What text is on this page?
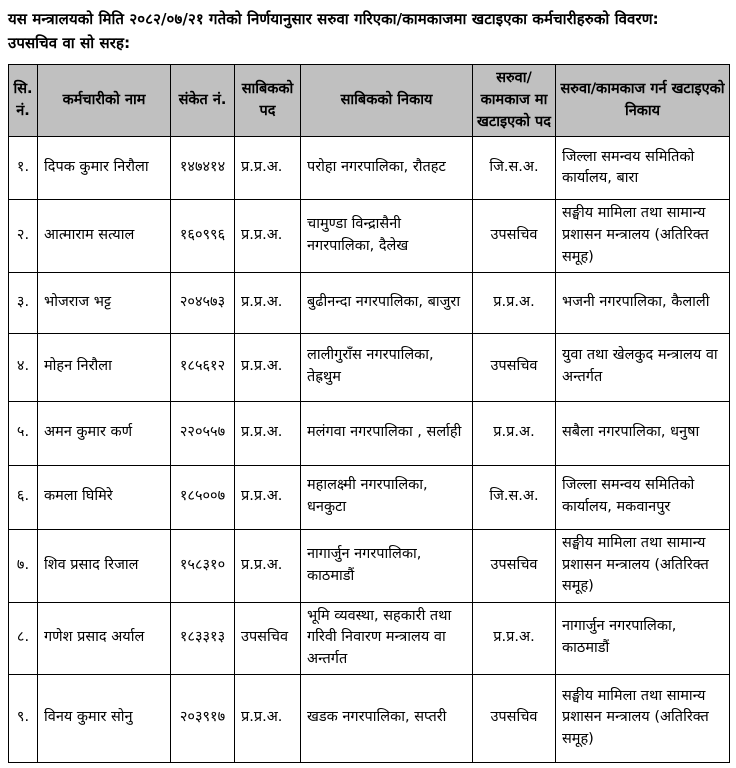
यस मन्त्रालयको मिति २०८२/०७/२१ गतेको निर्णयानुसार सरुवा गरिएका/कामकाजमा खटाइएका कर्मचारीहरुको विवरण:
उपसचिव वा सो सरह:
सि. नं.	कर्मचारीको नाम	संकेत नं.	साबिकको पद	साबिकको निकाय	सरुवा/कामकाज मा खटाइएको पद	सरुवा/कामकाज गर्न खटाइएको निकाय
१.	दिपक कुमार निरौला	१४७४१४	प्र.प्र.अ.	परोहा नगरपालिका, रौतहट	जि.स.अ.	जिल्ला समन्वय समितिको कार्यालय, बारा
२.	आत्माराम सत्याल	१६०९९६	प्र.प्र.अ.	चामुण्डा विन्द्रासैनी नगरपालिका, दैलेख	उपसचिव	सङ्घीय मामिला तथा सामान्य प्रशासन मन्त्रालय (अतिरिक्त समूह)
३.	भोजराज भट्ट	२०४५७३	प्र.प्र.अ.	बुढीनन्दा नगरपालिका, बाजुरा	प्र.प्र.अ.	भजनी नगरपालिका, कैलाली
४.	मोहन निरौला	१८५६१२	प्र.प्र.अ.	लालीगुराँस नगरपालिका, तेह्रथुम	उपसचिव	युवा तथा खेलकुद मन्त्रालय वा अन्तर्गत
५.	अमन कुमार कर्ण	२२०५५७	प्र.प्र.अ.	मलंगवा नगरपालिका , सर्लाही	प्र.प्र.अ.	सबैला नगरपालिका, धनुषा
६.	कमला घिमिरे	१८५००७	प्र.प्र.अ.	महालक्ष्मी नगरपालिका, धनकुटा	जि.स.अ.	जिल्ला समन्वय समितिको कार्यालय, मकवानपुर
७.	शिव प्रसाद रिजाल	१५८३१०	प्र.प्र.अ.	नागार्जुन नगरपालिका, काठमाडौं	उपसचिव	सङ्घीय मामिला तथा सामान्य प्रशासन मन्त्रालय (अतिरिक्त समूह)
८.	गणेश प्रसाद अर्याल	१८३३१३	उपसचिव	भूमि व्यवस्था, सहकारी तथा गरिवी निवारण मन्त्रालय वा अन्तर्गत	प्र.प्र.अ.	नागार्जुन नगरपालिका, काठमाडौं
९.	विनय कुमार सोनु	२०३९१७	प्र.प्र.अ.	खडक नगरपालिका, सप्तरी	उपसचिव	सङ्घीय मामिला तथा सामान्य प्रशासन मन्त्रालय (अतिरिक्त समूह)
